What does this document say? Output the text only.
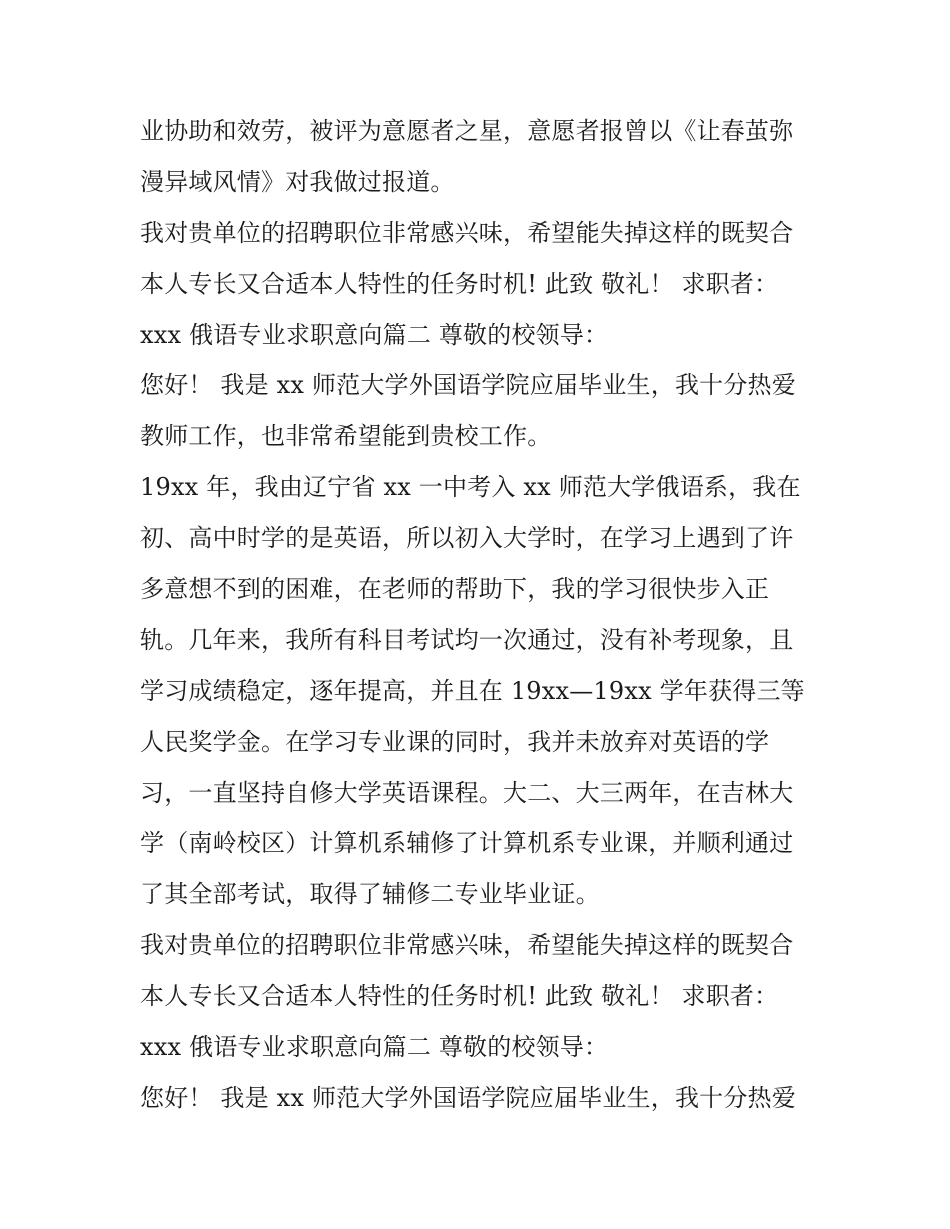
业协助和效劳，被评为意愿者之星，意愿者报曾以《让春茧弥
漫异域风情》对我做过报道。
我对贵单位的招聘职位非常感兴味，希望能失掉这样的既契合
本人专长又合适本人特性的任务时机! 此致 敬礼！ 求职者：
xxx 俄语专业求职意向篇二 尊敬的校领导：
您好！ 我是 xx 师范大学外国语学院应届毕业生，我十分热爱
教师工作，也非常希望能到贵校工作。
19xx 年，我由辽宁省 xx 一中考入 xx 师范大学俄语系，我在
初、高中时学的是英语，所以初入大学时，在学习上遇到了许
多意想不到的困难，在老师的帮助下，我的学习很快步入正
轨。几年来，我所有科目考试均一次通过，没有补考现象，且
学习成绩稳定，逐年提高，并且在 19xx—19xx 学年获得三等
人民奖学金。在学习专业课的同时，我并未放弃对英语的学
习，一直坚持自修大学英语课程。大二、大三两年，在吉林大
学（南岭校区）计算机系辅修了计算机系专业课，并顺利通过
了其全部考试，取得了辅修二专业毕业证。
我对贵单位的招聘职位非常感兴味，希望能失掉这样的既契合
本人专长又合适本人特性的任务时机! 此致 敬礼！ 求职者：
xxx 俄语专业求职意向篇二 尊敬的校领导：
您好！ 我是 xx 师范大学外国语学院应届毕业生，我十分热爱
